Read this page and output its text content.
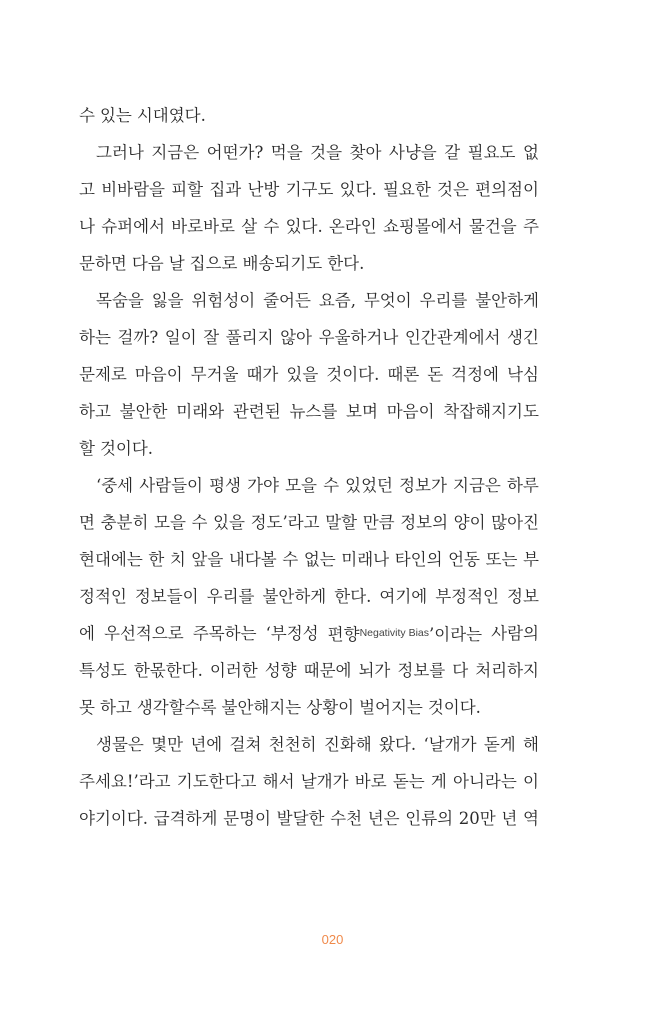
수 있는 시대였다.
그러나 지금은 어떤가? 먹을 것을 찾아 사냥을 갈 필요도 없
고 비바람을 피할 집과 난방 기구도 있다. 필요한 것은 편의점이
나 슈퍼에서 바로바로 살 수 있다. 온라인 쇼핑몰에서 물건을 주
문하면 다음 날 집으로 배송되기도 한다.
목숨을 잃을 위험성이 줄어든 요즘, 무엇이 우리를 불안하게
하는 걸까? 일이 잘 풀리지 않아 우울하거나 인간관계에서 생긴
문제로 마음이 무거울 때가 있을 것이다. 때론 돈 걱정에 낙심
하고 불안한 미래와 관련된 뉴스를 보며 마음이 착잡해지기도
할 것이다.
‘중세 사람들이 평생 가야 모을 수 있었던 정보가 지금은 하루
면 충분히 모을 수 있을 정도’라고 말할 만큼 정보의 양이 많아진
현대에는 한 치 앞을 내다볼 수 없는 미래나 타인의 언동 또는 부
정적인 정보들이 우리를 불안하게 한다. 여기에 부정적인 정보
에 우선적으로 주목하는 ‘부정성 편향$^{Negativity Bias}$’이라는 사람의
특성도 한몫한다. 이러한 성향 때문에 뇌가 정보를 다 처리하지
못 하고 생각할수록 불안해지는 상황이 벌어지는 것이다.
생물은 몇만 년에 걸쳐 천천히 진화해 왔다. ‘날개가 돋게 해
주세요!’라고 기도한다고 해서 날개가 바로 돋는 게 아니라는 이
야기이다. 급격하게 문명이 발달한 수천 년은 인류의 20만 년 역
020
